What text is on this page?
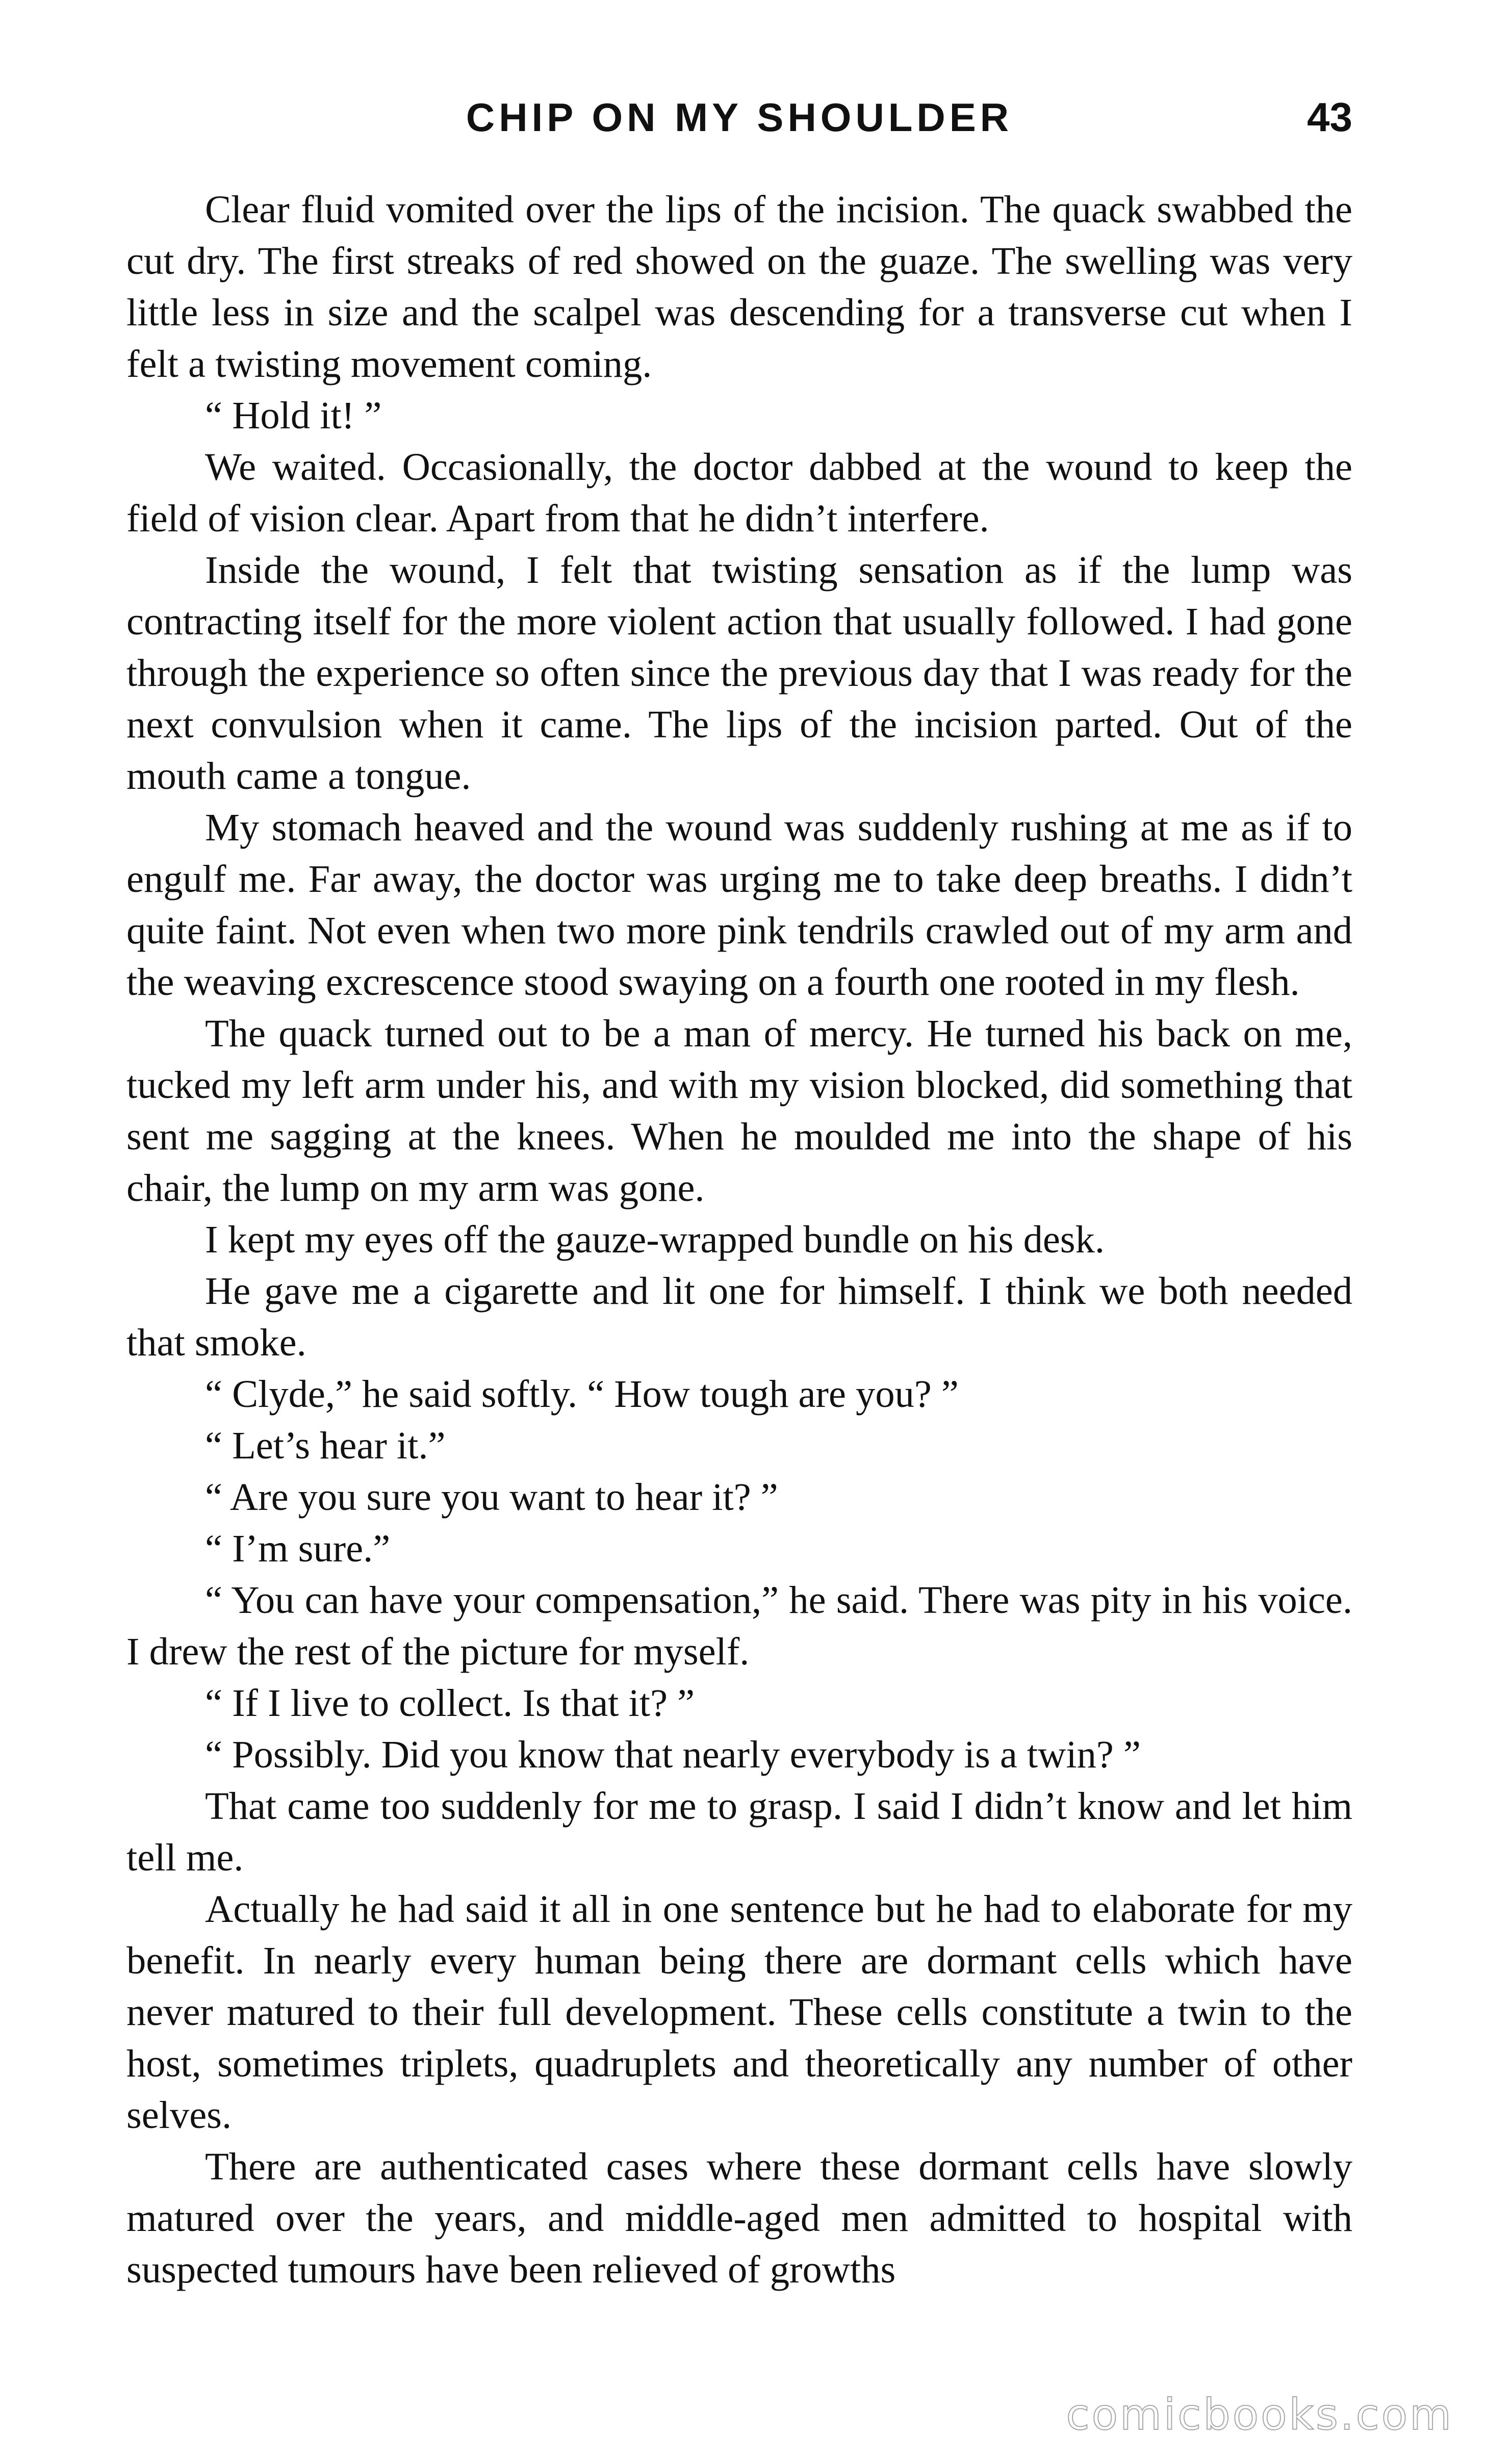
CHIP ON MY SHOULDER	43

Clear fluid vomited over the lips of the incision. The quack swabbed the cut dry. The first streaks of red showed on the guaze. The swelling was very little less in size and the scalpel was descending for a transverse cut when I felt a twisting movement coming.

“ Hold it! ”

We waited. Occasionally, the doctor dabbed at the wound to keep the field of vision clear. Apart from that he didn’t interfere.

Inside the wound, I felt that twisting sensation as if the lump was contracting itself for the more violent action that usually followed. I had gone through the experience so often since the previous day that I was ready for the next convulsion when it came. The lips of the incision parted. Out of the mouth came a tongue.

My stomach heaved and the wound was suddenly rushing at me as if to engulf me. Far away, the doctor was urging me to take deep breaths. I didn’t quite faint. Not even when two more pink tendrils crawled out of my arm and the weaving excrescence stood swaying on a fourth one rooted in my flesh.

The quack turned out to be a man of mercy. He turned his back on me, tucked my left arm under his, and with my vision blocked, did something that sent me sagging at the knees. When he moulded me into the shape of his chair, the lump on my arm was gone.

I kept my eyes off the gauze-wrapped bundle on his desk.

He gave me a cigarette and lit one for himself. I think we both needed that smoke.

“ Clyde,” he said softly. “ How tough are you? ”

“ Let’s hear it.”

“ Are you sure you want to hear it? ”

“ I’m sure.”

“ You can have your compensation,” he said. There was pity in his voice. I drew the rest of the picture for myself.

“ If I live to collect. Is that it? ”

“ Possibly. Did you know that nearly everybody is a twin? ”

That came too suddenly for me to grasp. I said I didn’t know and let him tell me.

Actually he had said it all in one sentence but he had to elaborate for my benefit. In nearly every human being there are dormant cells which have never matured to their full development. These cells constitute a twin to the host, sometimes triplets, quadruplets and theoretically any number of other selves.

There are authenticated cases where these dormant cells have slowly matured over the years, and middle-aged men admitted to hospital with suspected tumours have been relieved of growths

comicbooks.com
